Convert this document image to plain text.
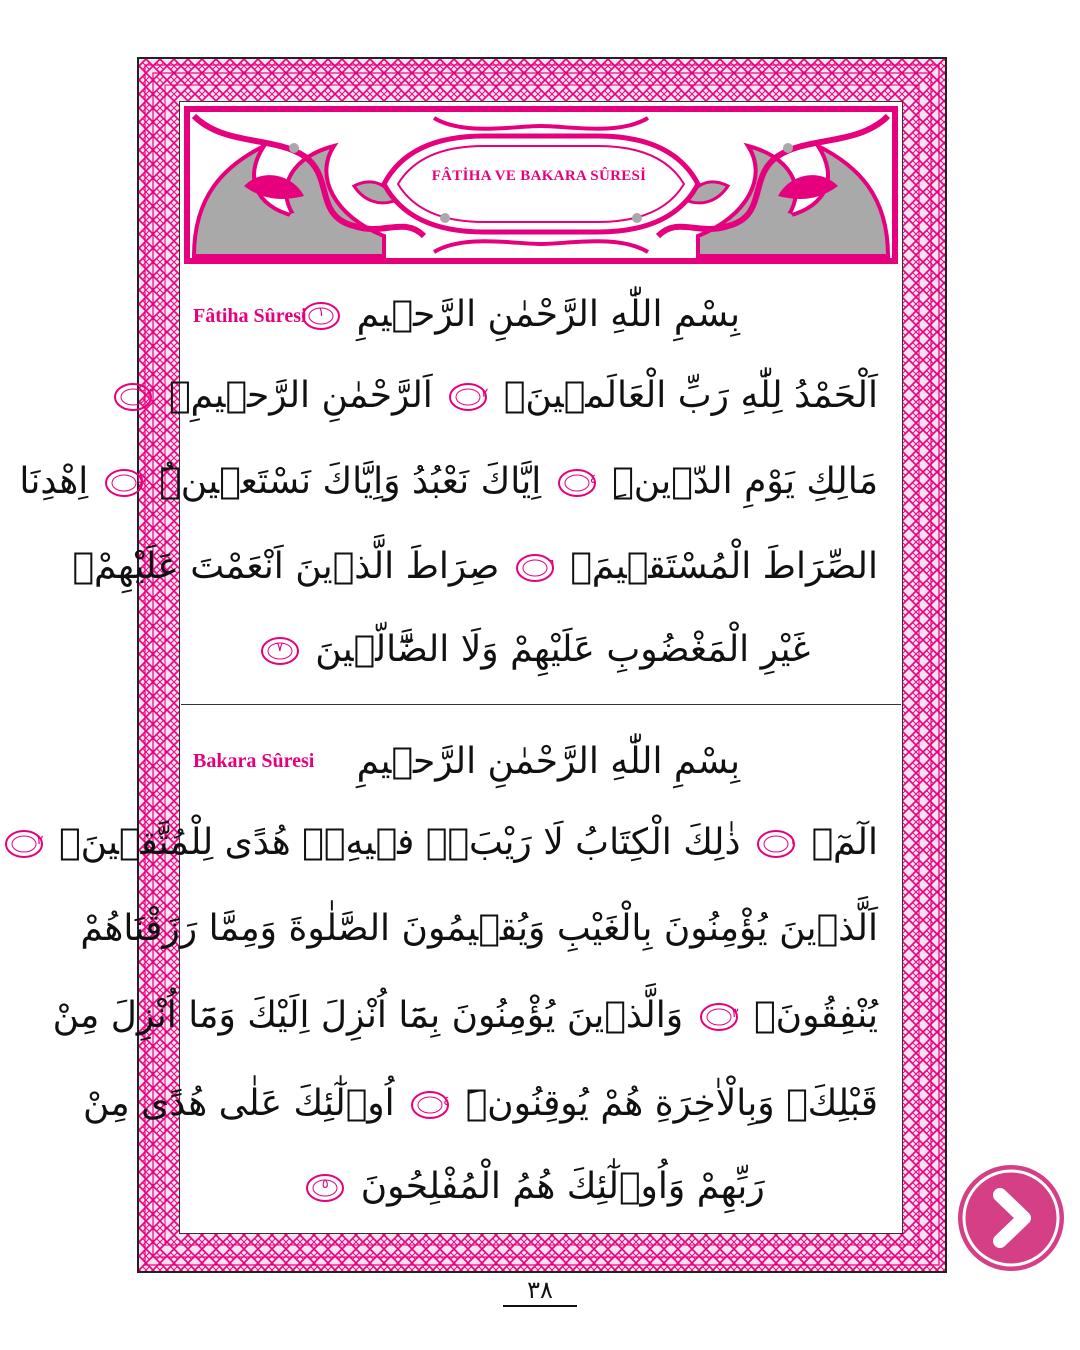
FÂTİHA VE BAKARA SÛRESİ
Fâtiha Sûresi بِسْمِ اللّٰهِ الرَّحْمٰنِ الرَّح۪يمِ
١
اَلْحَمْدُ لِلّٰهِ رَبِّ الْعَالَم۪ينَۙ
٢
اَلرَّحْمٰنِ الرَّح۪يمِۙ
٣
مَالِكِ يَوْمِ الدّ۪ينِۜ
٤
اِيَّاكَ نَعْبُدُ وَاِيَّاكَ نَسْتَع۪ينُۜ
٥
اِهْدِنَا
الصِّرَاطَ الْمُسْتَق۪يمَۙ
٦
صِرَاطَ الَّذ۪ينَ اَنْعَمْتَ عَلَيْهِمْۙ
غَيْرِ الْمَغْضُوبِ عَلَيْهِمْ وَلَا الضَّٓالّ۪ينَ
٧
Bakara Sûresi بِسْمِ اللّٰهِ الرَّحْمٰنِ الرَّح۪يمِ
الٓمٓۚ
١
ذٰلِكَ الْكِتَابُ لَا رَيْبَۚۛ ف۪يهِۚۛ هُدًى لِلْمُتَّق۪ينَۙ
٢
اَلَّذ۪ينَ يُؤْمِنُونَ بِالْغَيْبِ وَيُق۪يمُونَ الصَّلٰوةَ وَمِمَّا رَزَقْنَاهُمْ
يُنْفِقُونَۙ
٣
وَالَّذ۪ينَ يُؤْمِنُونَ بِمَٓا اُنْزِلَ اِلَيْكَ وَمَٓا اُنْزِلَ مِنْ
قَبْلِكَۚ وَبِالْاٰخِرَةِ هُمْ يُوقِنُونَۜ
٤
اُو۬لٰٓئِكَ عَلٰى هُدًى مِنْ
رَبِّهِمْ وَاُو۬لٰٓئِكَ هُمُ الْمُفْلِحُونَ
٥
٣٨
